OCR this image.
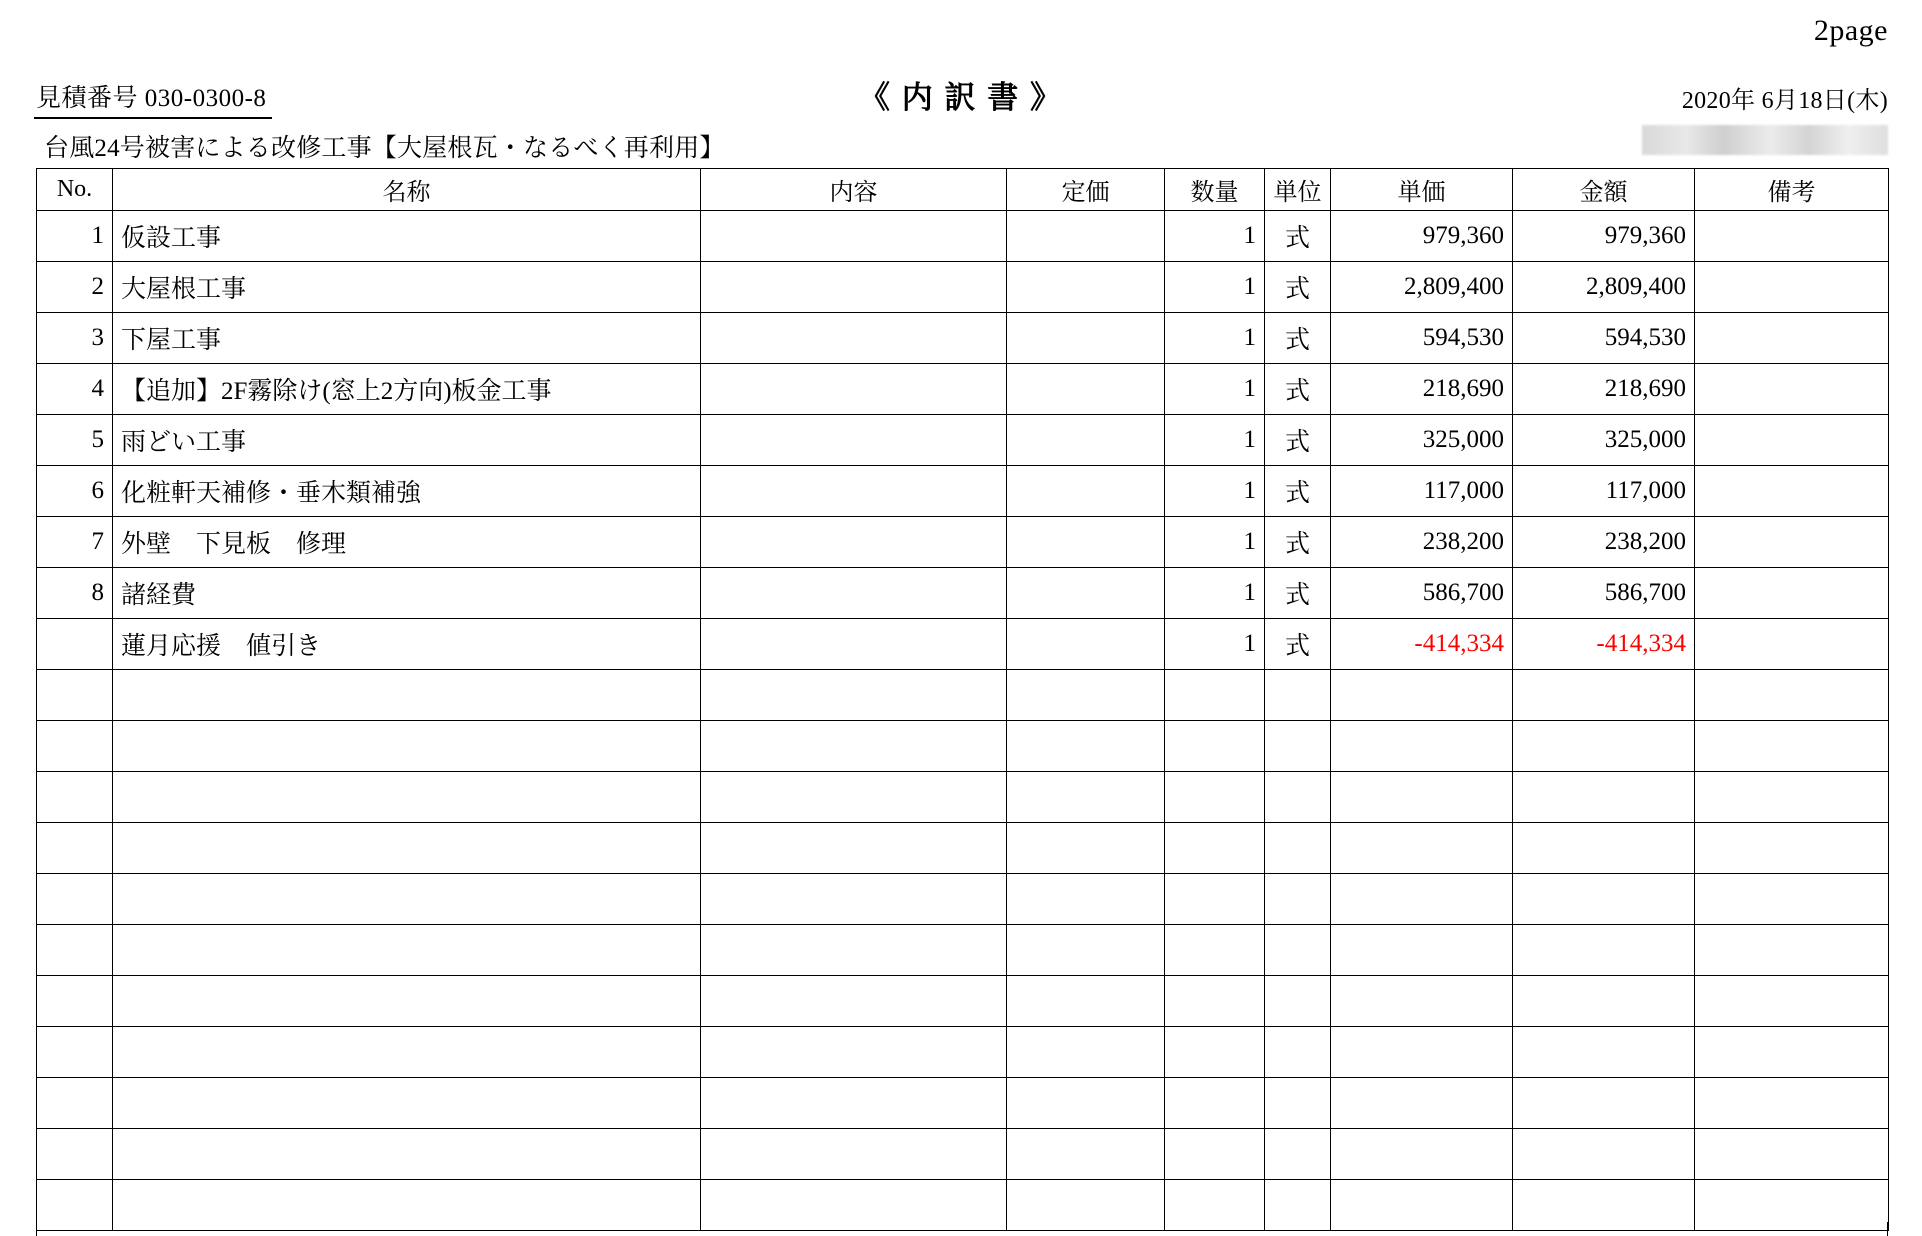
2page
見積番号 030-0300-8	《 内 訳 書 》	2020年 6月18日(木)
台風24号被害による改修工事【大屋根瓦・なるべく再利用】
No.	名称	内容	定価	数量	単位	単価	金額	備考
1	仮設工事			1	式	979,360	979,360	
2	大屋根工事			1	式	2,809,400	2,809,400	
3	下屋工事			1	式	594,530	594,530	
4	【追加】2F霧除け(窓上2方向)板金工事			1	式	218,690	218,690	
5	雨どい工事			1	式	325,000	325,000	
6	化粧軒天補修・垂木類補強			1	式	117,000	117,000	
7	外壁　下見板　修理			1	式	238,200	238,200	
8	諸経費			1	式	586,700	586,700	
	蓮月応援　値引き			1	式	-414,334	-414,334	
